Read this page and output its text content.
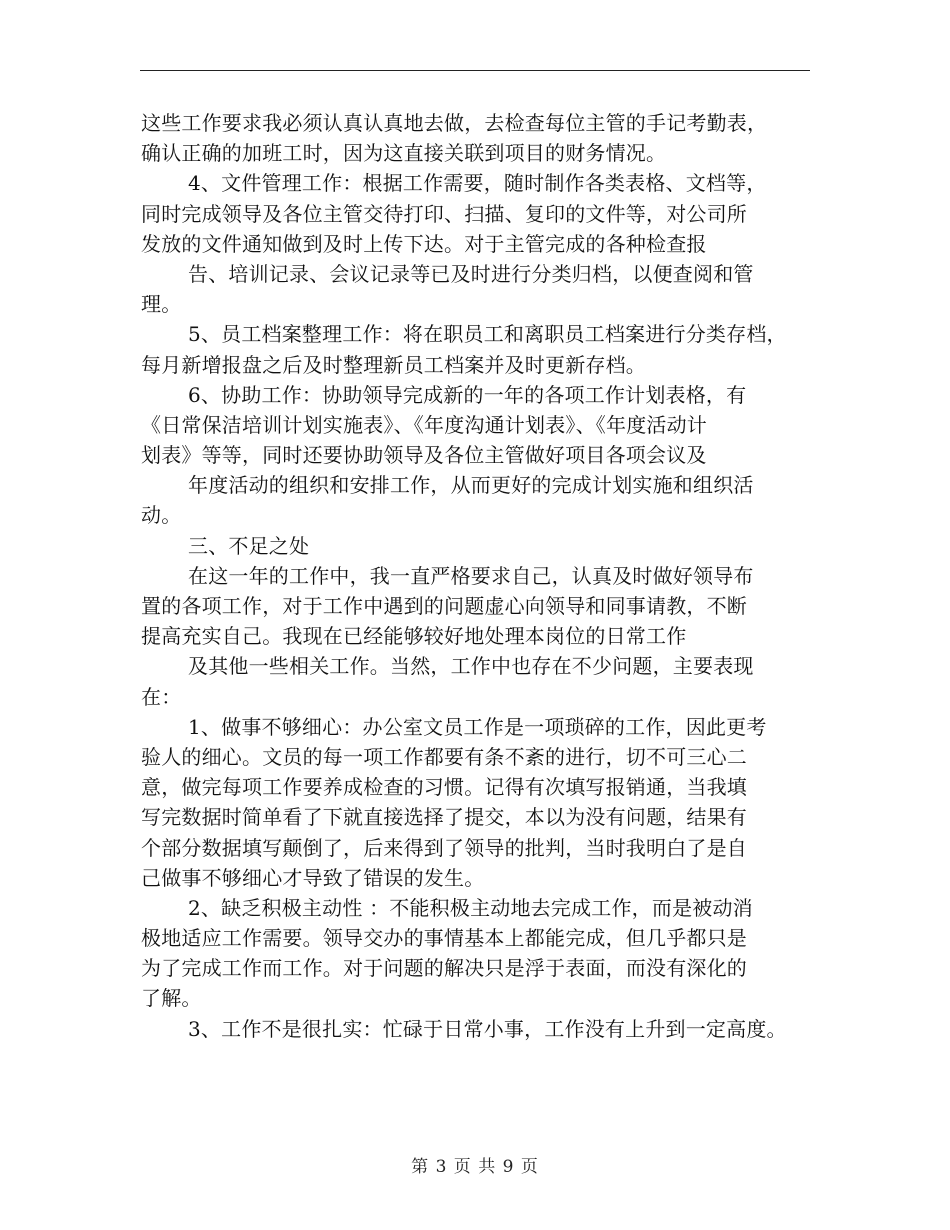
这些工作要求我必须认真认真地去做，去检查每位主管的手记考勤表，
确认正确的加班工时，因为这直接关联到项目的财务情况。
4、文件管理工作：根据工作需要，随时制作各类表格、文档等，
同时完成领导及各位主管交待打印、扫描、复印的文件等，对公司所
发放的文件通知做到及时上传下达。对于主管完成的各种检查报
告、培训记录、会议记录等已及时进行分类归档，以便查阅和管
理。
5、员工档案整理工作：将在职员工和离职员工档案进行分类存档，
每月新增报盘之后及时整理新员工档案并及时更新存档。
6、协助工作：协助领导完成新的一年的各项工作计划表格，有
《日常保洁培训计划实施表》、《年度沟通计划表》、《年度活动计
划表》等等，同时还要协助领导及各位主管做好项目各项会议及
年度活动的组织和安排工作，从而更好的完成计划实施和组织活
动。
三、不足之处
在这一年的工作中，我一直严格要求自己，认真及时做好领导布
置的各项工作，对于工作中遇到的问题虚心向领导和同事请教，不断
提高充实自己。我现在已经能够较好地处理本岗位的日常工作
及其他一些相关工作。当然，工作中也存在不少问题，主要表现
在：
1、做事不够细心：办公室文员工作是一项琐碎的工作，因此更考
验人的细心。文员的每一项工作都要有条不紊的进行，切不可三心二
意，做完每项工作要养成检查的习惯。记得有次填写报销通，当我填
写完数据时简单看了下就直接选择了提交，本以为没有问题，结果有
个部分数据填写颠倒了，后来得到了领导的批判，当时我明白了是自
己做事不够细心才导致了错误的发生。
2、缺乏积极主动性 ：不能积极主动地去完成工作，而是被动消
极地适应工作需要。领导交办的事情基本上都能完成，但几乎都只是
为了完成工作而工作。对于问题的解决只是浮于表面，而没有深化的
了解。
3、工作不是很扎实：忙碌于日常小事，工作没有上升到一定高度。
第 3 页 共 9 页
